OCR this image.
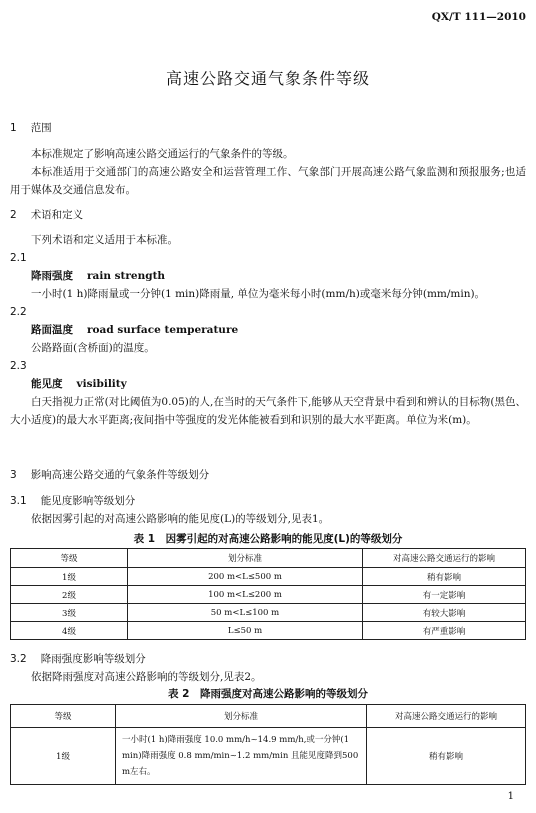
QX/T 111—2010
高速公路交通气象条件等级
1 范围

本标准规定了影响高速公路交通运行的气象条件的等级。

本标准适用于交通部门的高速公路安全和运营管理工作、气象部门开展高速公路气象监测和预报服务;也适用于媒体及交通信息发布。

2 术语和定义

下列术语和定义适用于本标准。

2.1
降雨强度 rain strength

一小时(1 h)降雨量或一分钟(1 min)降雨量, 单位为毫米每小时(mm/h)或毫米每分钟(mm/min)。

2.2
路面温度 road surface temperature

公路路面(含桥面)的温度。

2.3
能见度 visibility

白天指视力正常(对比阈值为0.05)的人,在当时的天气条件下,能够从天空背景中看到和辨认的目标物(黑色、大小适度)的最大水平距离;夜间指中等强度的发光体能被看到和识别的最大水平距离。单位为米(m)。

3 影响高速公路交通的气象条件等级划分
3.1 能见度影响等级划分

依据因雾引起的对高速公路影响的能见度(L)的等级划分,见表1。

表 1　因雾引起的对高速公路影响的能见度(L)的等级划分
等级	划分标准	对高速公路交通运行的影响
1级	200 m<L≤500 m	稍有影响
2级	100 m<L≤200 m	有一定影响
3级	50 m<L≤100 m	有较大影响
4级	L≤50 m	有严重影响
3.2 降雨强度影响等级划分

依据降雨强度对高速公路影响的等级划分,见表2。

表 2　降雨强度对高速公路影响的等级划分
等级	划分标准	对高速公路交通运行的影响
1级	一小时(1 h)降雨强度 10.0 mm/h~14.9 mm/h,或一分钟(1 min)降雨强度 0.8 mm/min~1.2 mm/min 且能见度降到500 m左右。	稍有影响
1
